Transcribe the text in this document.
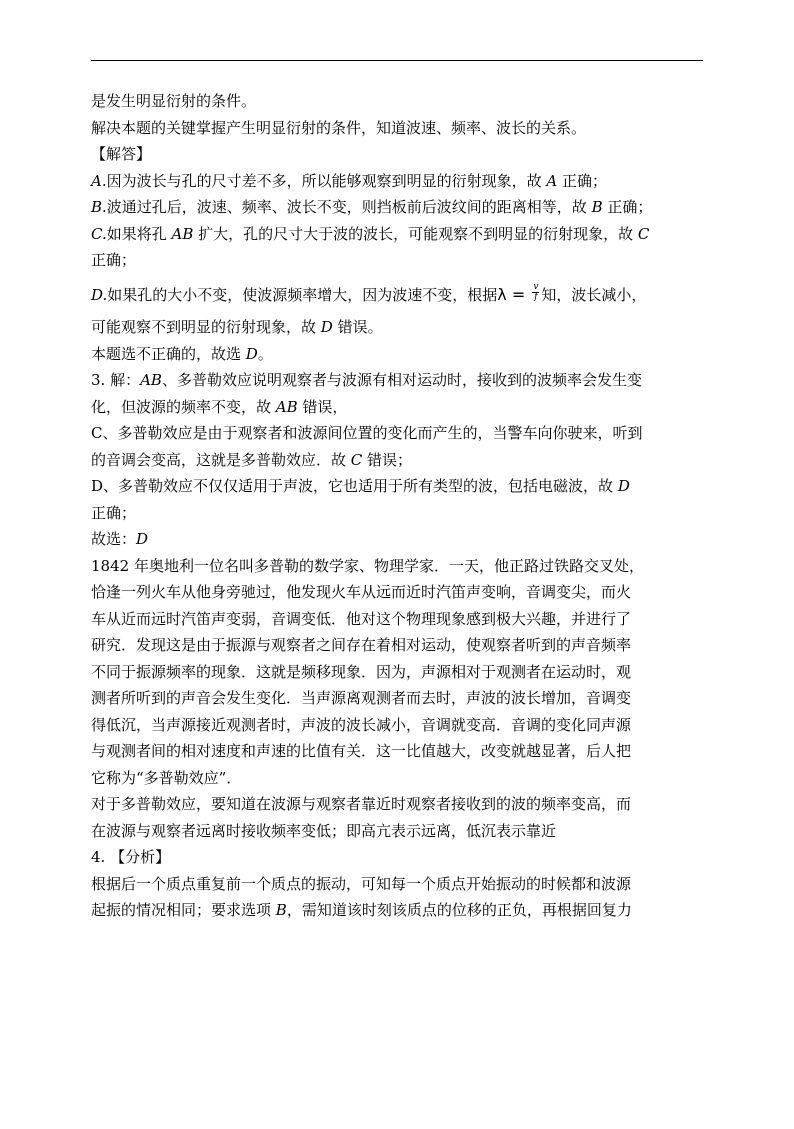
是发生明显衍射的条件。

解决本题的关键掌握产生明显衍射的条件，知道波速、频率、波长的关系。

【解答】

A.因为波长与孔的尺寸差不多，所以能够观察到明显的衍射现象，故 A 正确；

B.波通过孔后，波速、频率、波长不变，则挡板前后波纹间的距离相等，故 B 正确；

C.如果将孔 AB 扩大，孔的尺寸大于波的波长，可能观察不到明显的衍射现象，故 C

正确；

D.如果孔的大小不变，使波源频率增大，因为波速不变，根据$\lambda = \frac{v}{f}$ 知，波长减小，

可能观察不到明显的衍射现象，故 D 错误。

本题选不正确的，故选 D。

3. 解：AB、多普勒效应说明观察者与波源有相对运动时，接收到的波频率会发生变

化，但波源的频率不变，故 AB 错误，

C、多普勒效应是由于观察者和波源间位置的变化而产生的，当警车向你驶来，听到

的音调会变高，这就是多普勒效应．故 C 错误；

D、多普勒效应不仅仅适用于声波，它也适用于所有类型的波，包括电磁波，故 D

正确；

故选：D

1842 年奥地利一位名叫多普勒的数学家、物理学家．一天，他正路过铁路交叉处，

恰逢一列火车从他身旁驰过，他发现火车从远而近时汽笛声变响，音调变尖，而火

车从近而远时汽笛声变弱，音调变低．他对这个物理现象感到极大兴趣，并进行了

研究．发现这是由于振源与观察者之间存在着相对运动，使观察者听到的声音频率

不同于振源频率的现象．这就是频移现象．因为，声源相对于观测者在运动时，观

测者所听到的声音会发生变化．当声源离观测者而去时，声波的波长增加，音调变

得低沉，当声源接近观测者时，声波的波长减小，音调就变高．音调的变化同声源

与观测者间的相对速度和声速的比值有关．这一比值越大，改变就越显著，后人把

它称为“多普勒效应”．

对于多普勒效应，要知道在波源与观察者靠近时观察者接收到的波的频率变高，而

在波源与观察者远离时接收频率变低；即高亢表示远离，低沉表示靠近

4. 【分析】

根据后一个质点重复前一个质点的振动，可知每一个质点开始振动的时候都和波源

起振的情况相同；要求选项 B，需知道该时刻该质点的位移的正负，再根据回复力
